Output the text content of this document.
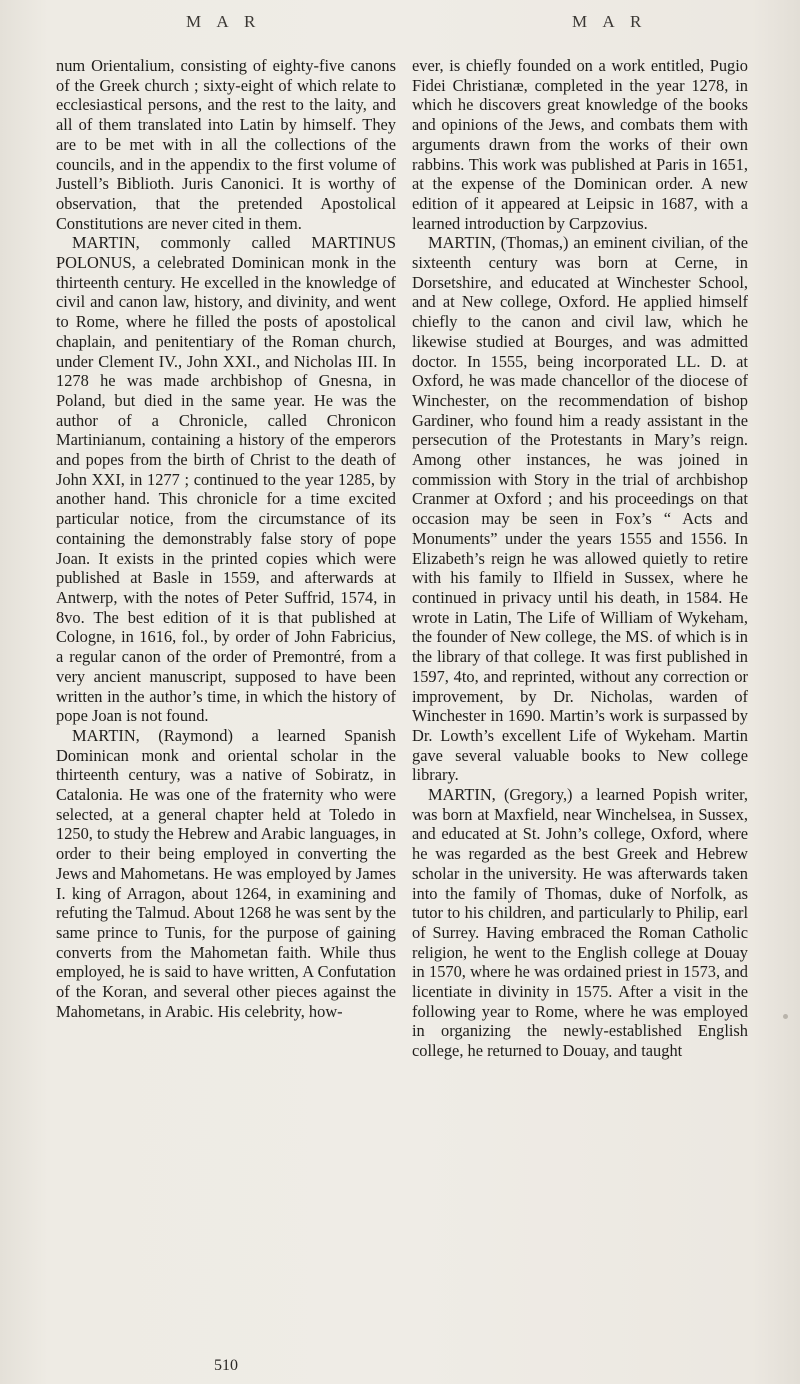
M A R	M A R

num Orientalium, consisting of eighty-five canons of the Greek church ; sixty-eight of which relate to ecclesiastical persons, and the rest to the laity, and all of them translated into Latin by himself. They are to be met with in all the collections of the councils, and in the appendix to the first volume of Justell’s Biblioth. Juris Canonici. It is worthy of observation, that the pretended Apostolical Constitutions are never cited in them.

MARTIN, commonly called MARTINUS POLONUS, a celebrated Dominican monk in the thirteenth century. He excelled in the knowledge of civil and canon law, history, and divinity, and went to Rome, where he filled the posts of apostolical chaplain, and penitentiary of the Roman church, under Clement IV., John XXI., and Nicholas III. In 1278 he was made archbishop of Gnesna, in Poland, but died in the same year. He was the author of a Chronicle, called Chronicon Martinianum, containing a history of the emperors and popes from the birth of Christ to the death of John XXI, in 1277 ; continued to the year 1285, by another hand. This chronicle for a time excited particular notice, from the circumstance of its containing the demonstrably false story of pope Joan. It exists in the printed copies which were published at Basle in 1559, and afterwards at Antwerp, with the notes of Peter Suffrid, 1574, in 8vo. The best edition of it is that published at Cologne, in 1616, fol., by order of John Fabricius, a regular canon of the order of Premontré, from a very ancient manuscript, supposed to have been written in the author’s time, in which the history of pope Joan is not found.

MARTIN, (Raymond) a learned Spanish Dominican monk and oriental scholar in the thirteenth century, was a native of Sobiratz, in Catalonia. He was one of the fraternity who were selected, at a general chapter held at Toledo in 1250, to study the Hebrew and Arabic languages, in order to their being employed in converting the Jews and Mahometans. He was employed by James I. king of Arragon, about 1264, in examining and refuting the Talmud. About 1268 he was sent by the same prince to Tunis, for the purpose of gaining converts from the Mahometan faith. While thus employed, he is said to have written, A Confutation of the Koran, and several other pieces against the Mahometans, in Arabic. His celebrity, how-

ever, is chiefly founded on a work entitled, Pugio Fidei Christianæ, completed in the year 1278, in which he discovers great knowledge of the books and opinions of the Jews, and combats them with arguments drawn from the works of their own rabbins. This work was published at Paris in 1651, at the expense of the Dominican order. A new edition of it appeared at Leipsic in 1687, with a learned introduction by Carpzovius.

MARTIN, (Thomas,) an eminent civilian, of the sixteenth century was born at Cerne, in Dorsetshire, and educated at Winchester School, and at New college, Oxford. He applied himself chiefly to the canon and civil law, which he likewise studied at Bourges, and was admitted doctor. In 1555, being incorporated LL. D. at Oxford, he was made chancellor of the diocese of Winchester, on the recommendation of bishop Gardiner, who found him a ready assistant in the persecution of the Protestants in Mary’s reign. Among other instances, he was joined in commission with Story in the trial of archbishop Cranmer at Oxford ; and his proceedings on that occasion may be seen in Fox’s “ Acts and Monuments” under the years 1555 and 1556. In Elizabeth’s reign he was allowed quietly to retire with his family to Ilfield in Sussex, where he continued in privacy until his death, in 1584. He wrote in Latin, The Life of William of Wykeham, the founder of New college, the MS. of which is in the library of that college. It was first published in 1597, 4to, and reprinted, without any correction or improvement, by Dr. Nicholas, warden of Winchester in 1690. Martin’s work is surpassed by Dr. Lowth’s excellent Life of Wykeham. Martin gave several valuable books to New college library.

MARTIN, (Gregory,) a learned Popish writer, was born at Maxfield, near Winchelsea, in Sussex, and educated at St. John’s college, Oxford, where he was regarded as the best Greek and Hebrew scholar in the university. He was afterwards taken into the family of Thomas, duke of Norfolk, as tutor to his children, and particularly to Philip, earl of Surrey. Having embraced the Roman Catholic religion, he went to the English college at Douay in 1570, where he was ordained priest in 1573, and licentiate in divinity in 1575. After a visit in the following year to Rome, where he was employed in organizing the newly-established English college, he returned to Douay, and taught

510
